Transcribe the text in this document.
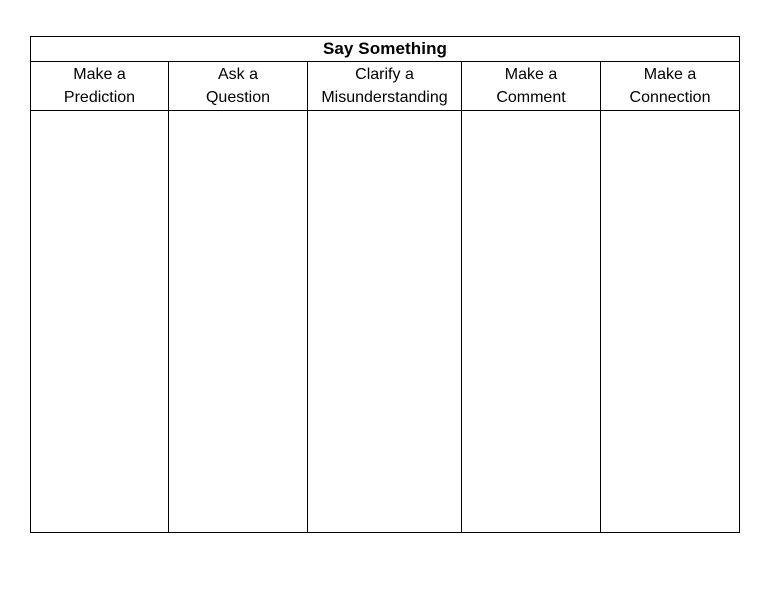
Say Something
Make a
Prediction
Ask a
Question
Clarify a
Misunderstanding
Make a
Comment
Make a
Connection
